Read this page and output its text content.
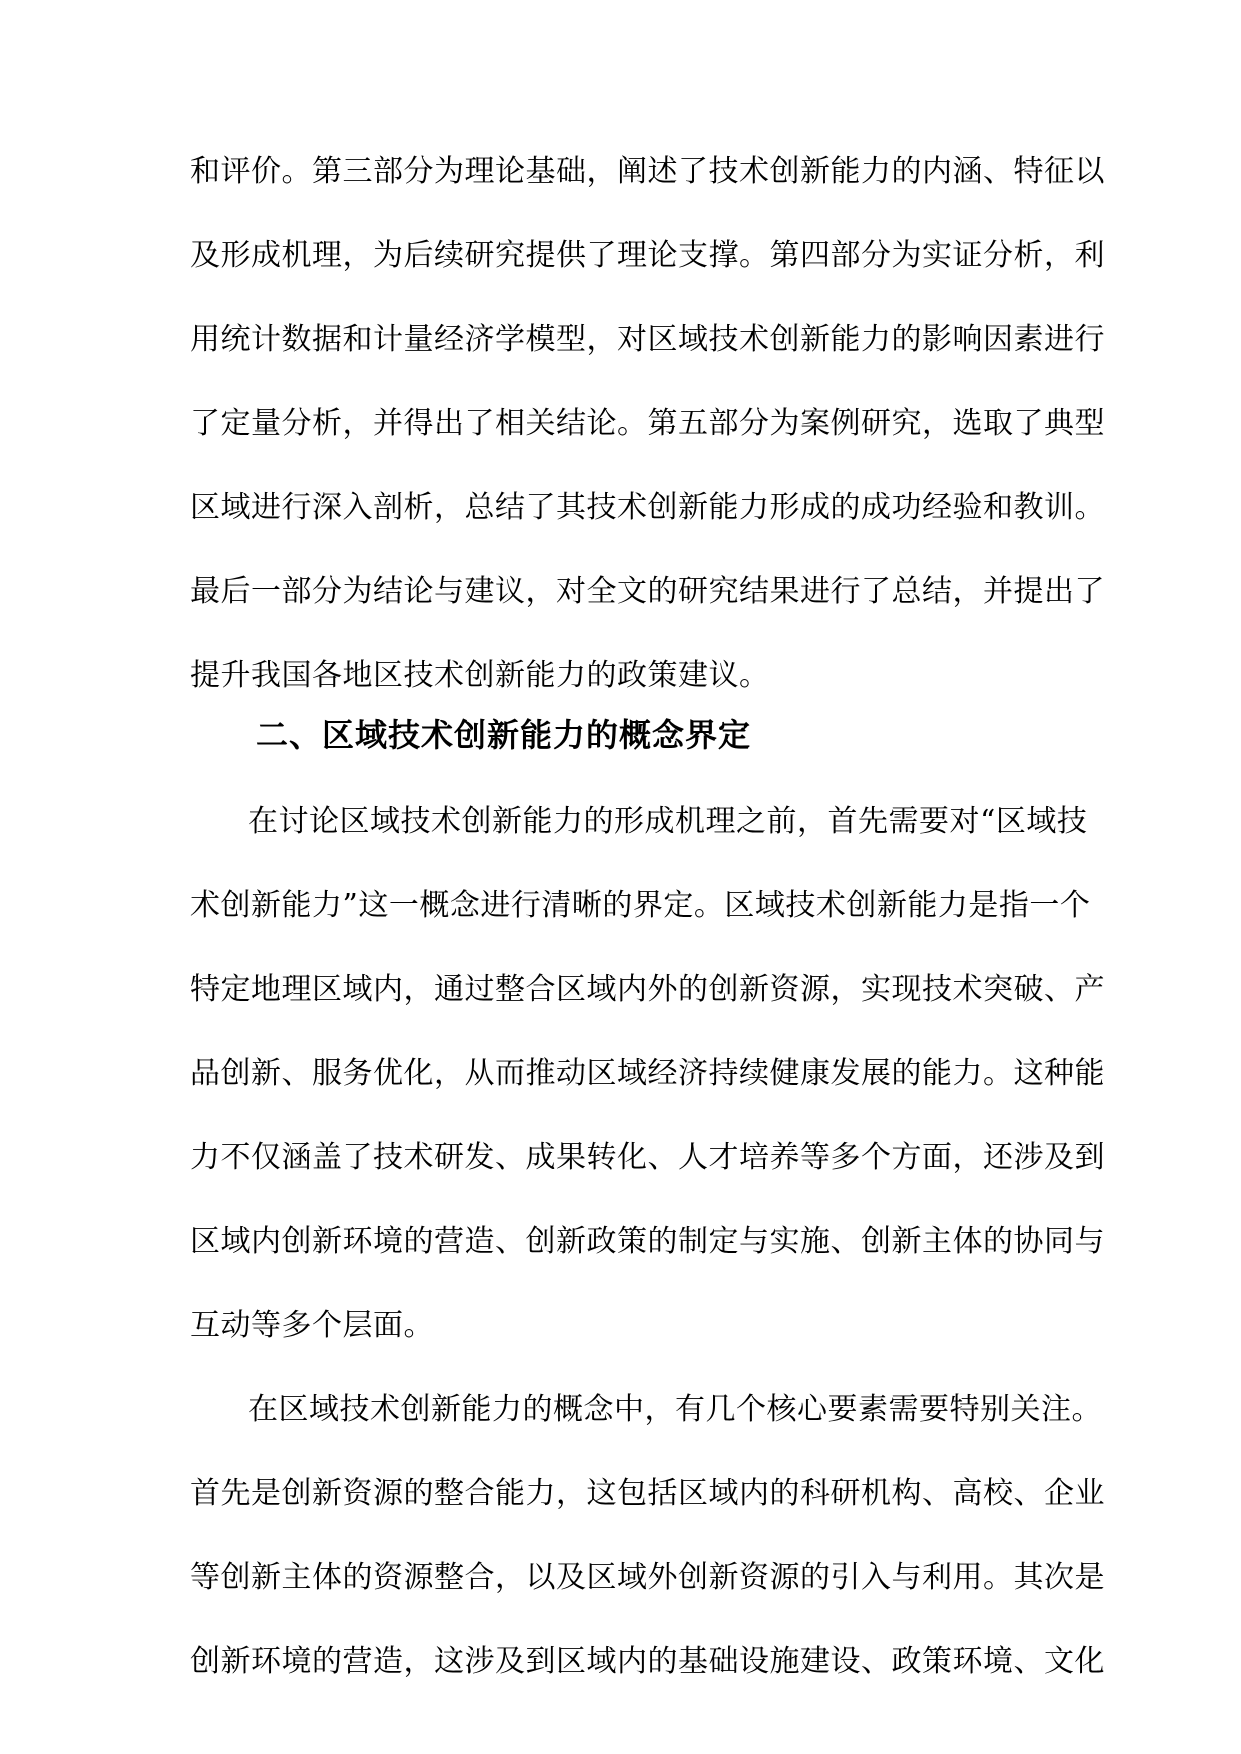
和评价。第三部分为理论基础，阐述了技术创新能力的内涵、特征以
及形成机理，为后续研究提供了理论支撑。第四部分为实证分析，利
用统计数据和计量经济学模型，对区域技术创新能力的影响因素进行
了定量分析，并得出了相关结论。第五部分为案例研究，选取了典型
区域进行深入剖析，总结了其技术创新能力形成的成功经验和教训。
最后一部分为结论与建议，对全文的研究结果进行了总结，并提出了
提升我国各地区技术创新能力的政策建议。
二、区域技术创新能力的概念界定
在讨论区域技术创新能力的形成机理之前，首先需要对“区域技
术创新能力”这一概念进行清晰的界定。区域技术创新能力是指一个
特定地理区域内，通过整合区域内外的创新资源，实现技术突破、产
品创新、服务优化，从而推动区域经济持续健康发展的能力。这种能
力不仅涵盖了技术研发、成果转化、人才培养等多个方面，还涉及到
区域内创新环境的营造、创新政策的制定与实施、创新主体的协同与
互动等多个层面。
在区域技术创新能力的概念中，有几个核心要素需要特别关注。
首先是创新资源的整合能力，这包括区域内的科研机构、高校、企业
等创新主体的资源整合，以及区域外创新资源的引入与利用。其次是
创新环境的营造，这涉及到区域内的基础设施建设、政策环境、文化
